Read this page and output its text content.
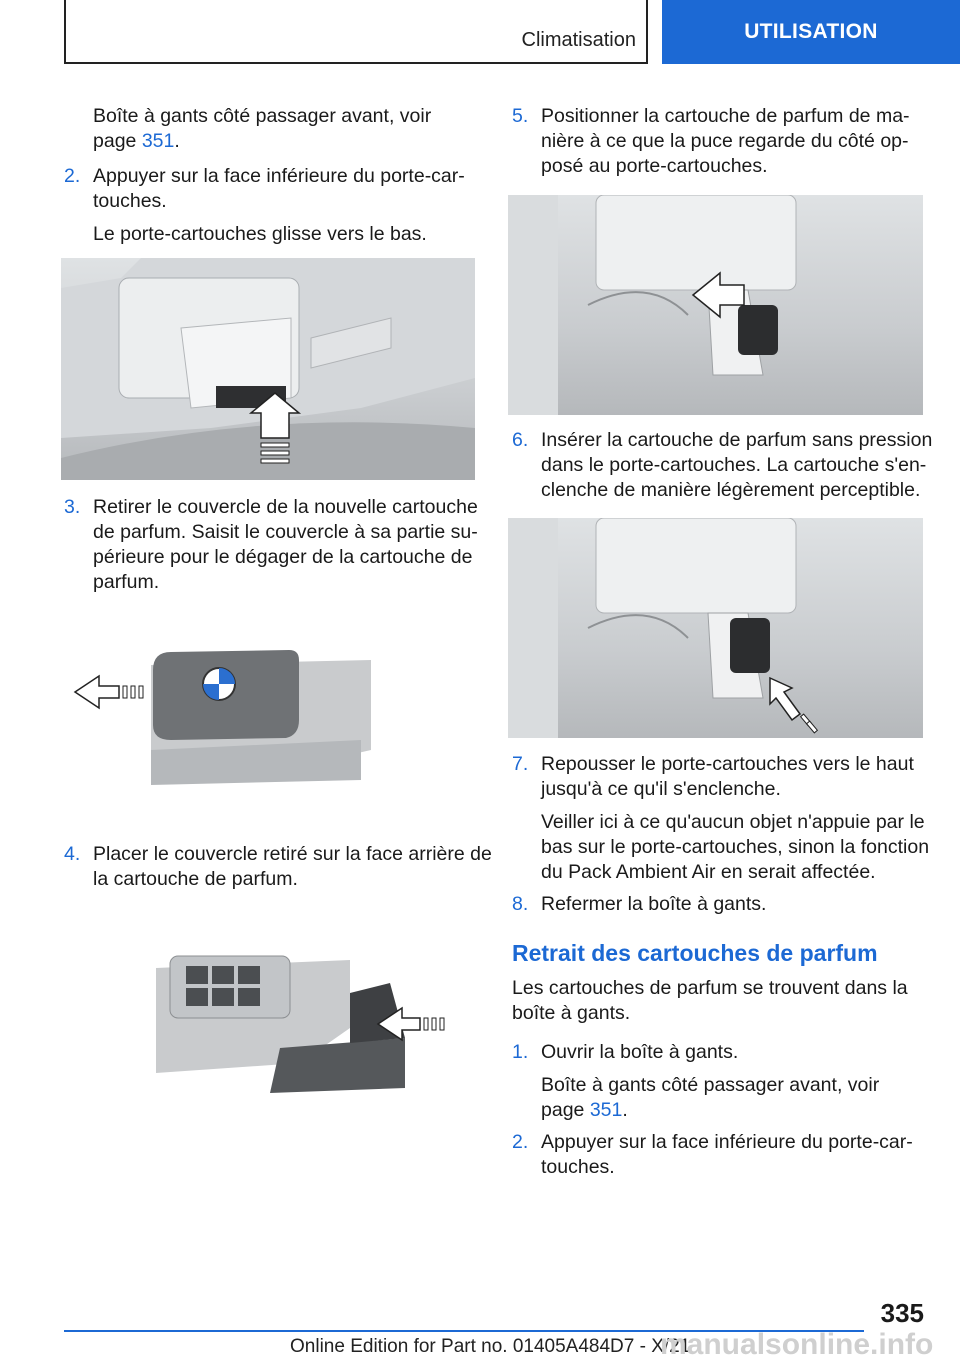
Climatisation	UTILISATION
Boîte à gants côté passager avant, voir
page 351.
2. Appuyer sur la face inférieure du porte-car‐
touches.
Le porte-cartouches glisse vers le bas.
3. Retirer le couvercle de la nouvelle cartouche
de parfum. Saisit le couvercle à sa partie su‐
périeure pour le dégager de la cartouche de
parfum.
4. Placer le couvercle retiré sur la face arrière de
la cartouche de parfum.
5. Positionner la cartouche de parfum de ma‐
nière à ce que la puce regarde du côté op‐
posé au porte-cartouches.
6. Insérer la cartouche de parfum sans pression
dans le porte-cartouches. La cartouche s'en‐
clenche de manière légèrement perceptible.
7. Repousser le porte-cartouches vers le haut
jusqu'à ce qu'il s'enclenche.
Veiller ici à ce qu'aucun objet n'appuie par le
bas sur le porte-cartouches, sinon la fonction
du Pack Ambient Air en serait affectée.
8. Refermer la boîte à gants.
Retrait des cartouches de parfum
Les cartouches de parfum se trouvent dans la
boîte à gants.
1. Ouvrir la boîte à gants.
Boîte à gants côté passager avant, voir
page 351.
2. Appuyer sur la face inférieure du porte-car‐
touches.
335
Online Edition for Part no. 01405A484D7 - X/21
manualsonline.info
